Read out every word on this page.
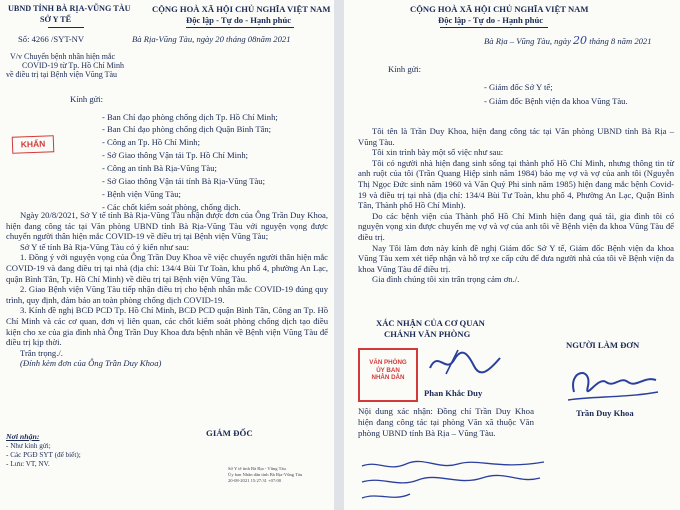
UBND TỈNH BÀ RỊA-VŨNG TÀU
SỞ Y TẾ
CỘNG HOÀ XÃ HỘI CHỦ NGHĨA VIỆT NAM
Độc lập - Tự do - Hạnh phúc
Số: 4266 /SYT-NV	Bà Rịa-Vũng Tàu, ngày 20 tháng 08năm 2021
V/v Chuyển bệnh nhân hiện mắc
COVID-19 từ Tp. Hồ Chí Minh
về điều trị tại Bệnh viện Vũng Tàu
Kính gửi:
KHẨN
- Ban Chỉ đạo phòng chống dịch Tp. Hồ Chí Minh;
- Ban Chỉ đạo phòng chống dịch Quận Bình Tân;
- Công an Tp. Hồ Chí Minh;
- Sở Giao thông Vận tải Tp. Hồ Chí Minh;
- Công an tỉnh Bà Rịa-Vũng Tàu;
- Sở Giao thông Vận tải tỉnh Bà Rịa-Vũng Tàu;
- Bệnh viện Vũng Tàu;
- Các chốt kiểm soát phòng, chống dịch.

Ngày 20/8/2021, Sở Y tế tỉnh Bà Rịa-Vũng Tàu nhận được đơn của Ông Trần Duy Khoa, hiện đang công tác tại Văn phòng UBND tỉnh Bà Rịa-Vũng Tàu với nguyện vọng được chuyển người thân hiện mắc COVID-19 về điều trị tại Bệnh viện Vũng Tàu;

Sở Y tế tỉnh Bà Rịa-Vũng Tàu có ý kiến như sau:

1. Đồng ý với nguyện vọng của Ông Trần Duy Khoa về việc chuyển người thân hiện mắc COVID-19 và đang điều trị tại nhà (địa chỉ: 134/4 Bùi Tư Toàn, khu phố 4, phường An Lạc, quận Bình Tân, Tp. Hồ Chí Minh) về điều trị tại Bệnh viện Vũng Tàu.

2. Giao Bệnh viện Vũng Tàu tiếp nhận điều trị cho bệnh nhân mắc COVID-19 đúng quy trình, quy định, đảm bảo an toàn phòng chống dịch COVID-19.

3. Kính đề nghị BCĐ PCD Tp. Hồ Chí Minh, BCĐ PCD quận Bình Tân, Công an Tp. Hồ Chí Minh và các cơ quan, đơn vị liên quan, các chốt kiểm soát phòng chống dịch tạo điều kiện cho xe của gia đình nhà Ông Trần Duy Khoa đưa bệnh nhân về Bệnh viện Vũng Tàu để điều trị kịp thời.

Trân trọng./.

(Đính kèm đơn của Ông Trần Duy Khoa)

Nơi nhận:
- Như kính gửi;
- Các PGĐ SYT (để biết);
- Lưu: VT, NV.
GIÁM ĐỐC
Sở Y tế tỉnh Bà Rịa - Vũng Tàu
Ủy ban Nhân dân tỉnh Bà Rịa-Vũng Tàu
20-08-2021 15:27:31 +07:00
CỘNG HOÀ XÃ HỘI CHỦ NGHĨA VIỆT NAM
Độc lập - Tự do - Hạnh phúc
Bà Rịa – Vũng Tàu, ngày 20 tháng 8 năm 2021
Kính gửi:
- Giám đốc Sở Y tế;
- Giám đốc Bệnh viện đa khoa Vũng Tàu.

Tôi tên là Trần Duy Khoa, hiện đang công tác tại Văn phòng UBND tỉnh Bà Rịa – Vũng Tàu.

Tôi xin trình bày một số việc như sau:

Tôi có người nhà hiện đang sinh sống tại thành phố Hồ Chí Minh, nhưng thông tin từ anh ruột của tôi (Trần Quang Hiệp sinh năm 1984) báo mẹ vợ và vợ của anh tôi (Nguyễn Thị Ngọc Đức sinh năm 1960 và Văn Quý Phi sinh năm 1985) hiện đang mắc bệnh Covid-19 và điều trị tại nhà (địa chỉ: 134/4 Bùi Tư Toàn, khu phố 4, Phường An Lạc, Quận Bình Tân, Thành phố Hồ Chí Minh).

Do các bệnh viện của Thành phố Hồ Chí Minh hiện đang quá tải, gia đình tôi có nguyện vọng xin được chuyển mẹ vợ và vợ của anh tôi về Bệnh viện đa khoa Vũng Tàu để điều trị.

Nay Tôi làm đơn này kính đề nghị Giám đốc Sở Y tế, Giám đốc Bệnh viện đa khoa Vũng Tàu xem xét tiếp nhận và hỗ trợ xe cấp cứu để đưa người nhà của tôi về Bệnh viện đa khoa Vũng Tàu để điều trị.

Gia đình chúng tôi xin trân trọng cảm ơn./.

XÁC NHẬN CỦA CƠ QUAN
CHÁNH VĂN PHÒNG
VĂN PHÒNG
ỦY BAN
NHÂN DÂN
Phan Khắc Duy
NGƯỜI LÀM ĐƠN
Trần Duy Khoa

Nội dung xác nhận: Đồng chí Trần Duy Khoa hiện đang công tác tại phòng Văn xã thuộc Văn phòng UBND tỉnh Bà Rịa – Vũng Tàu.
